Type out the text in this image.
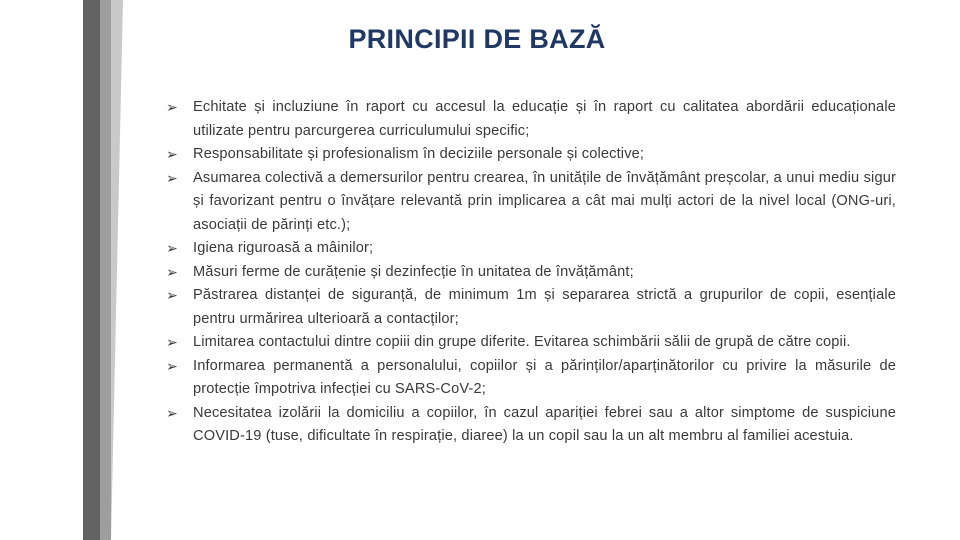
PRINCIPII DE BAZĂ
➢ Echitate și incluziune în raport cu accesul la educație și în raport cu calitatea abordării educaționale utilizate pentru parcurgerea curriculumului specific;
➢ Responsabilitate și profesionalism în deciziile personale și colective;
➢ Asumarea colectivă a demersurilor pentru crearea, în unitățile de învățământ preșcolar, a unui mediu sigur și favorizant pentru o învățare relevantă prin implicarea a cât mai mulți actori de la nivel local (ONG-uri, asociații de părinți etc.);
➢ Igiena riguroasă a mâinilor;
➢ Măsuri ferme de curățenie și dezinfecție în unitatea de învățământ;
➢ Păstrarea distanței de siguranță, de minimum 1m și separarea strictă a grupurilor de copii, esențiale pentru urmărirea ulterioară a contacților;
➢ Limitarea contactului dintre copiii din grupe diferite. Evitarea schimbării sălii de grupă de către copii.
➢ Informarea permanentă a personalului, copiilor și a părinților/aparținătorilor cu privire la măsurile de protecție împotriva infecției cu SARS-CoV-2;
➢ Necesitatea izolării la domiciliu a copiilor, în cazul apariției febrei sau a altor simptome de suspiciune COVID-19 (tuse, dificultate în respirație, diaree) la un copil sau la un alt membru al familiei acestuia.
